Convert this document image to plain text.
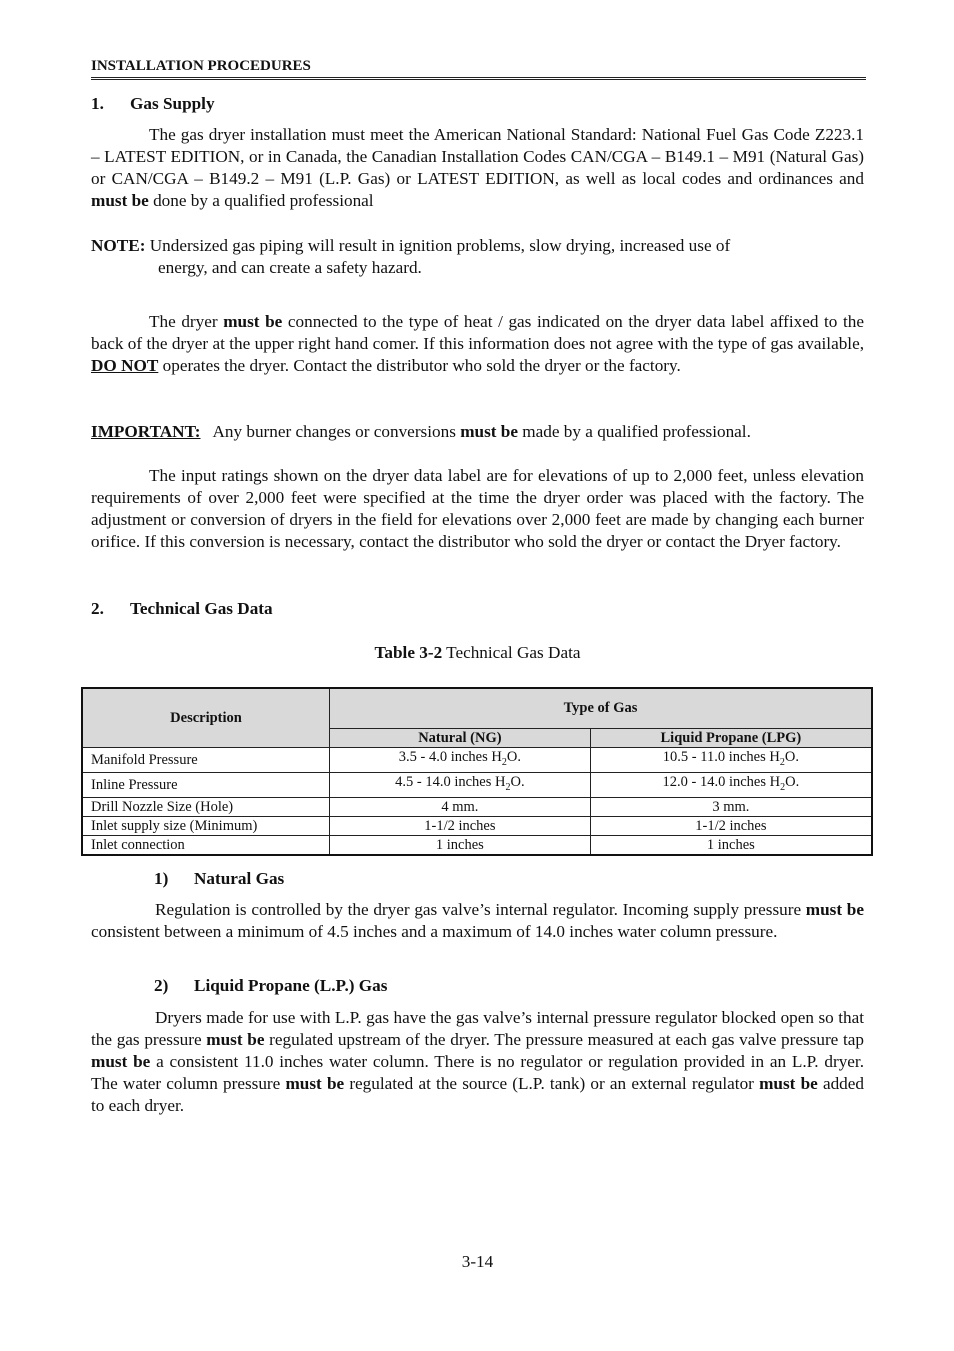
INSTALLATION PROCEDURES
1. Gas Supply
The gas dryer installation must meet the American National Standard: National Fuel Gas Code Z223.1 – LATEST EDITION, or in Canada, the Canadian Installation Codes CAN/CGA – B149.1 – M91 (Natural Gas) or CAN/CGA – B149.2 – M91 (L.P. Gas) or LATEST EDITION, as well as local codes and ordinances and must be done by a qualified professional
NOTE: Undersized gas piping will result in ignition problems, slow drying, increased use of
energy, and can create a safety hazard.
The dryer must be connected to the type of heat / gas indicated on the dryer data label affixed to the back of the dryer at the upper right hand comer. If this information does not agree with the type of gas available, DO NOT operates the dryer. Contact the distributor who sold the dryer or the factory.
IMPORTANT:   Any burner changes or conversions must be made by a qualified professional.
The input ratings shown on the dryer data label are for elevations of up to 2,000 feet, unless elevation requirements of over 2,000 feet were specified at the time the dryer order was placed with the factory. The adjustment or conversion of dryers in the field for elevations over 2,000 feet are made by changing each burner orifice. If this conversion is necessary, contact the distributor who sold the dryer or contact the Dryer factory.
2. Technical Gas Data
Table 3-2 Technical Gas Data
Description	Type of Gas	
	Natural (NG)	Liquid Propane (LPG)
Manifold Pressure	3.5 - 4.0 inches $H_2O$.	10.5 - 11.0 inches $H_2O$.
Inline Pressure	4.5 - 14.0 inches $H_2O$.	12.0 - 14.0 inches $H_2O$.
Drill Nozzle Size (Hole)	4 mm.	3 mm.
Inlet supply size (Minimum)	1-1/2 inches	1-1/2 inches
Inlet connection	1 inches	1 inches
1) Natural Gas
Regulation is controlled by the dryer gas valve’s internal regulator. Incoming supply pressure must be consistent between a minimum of 4.5 inches and a maximum of 14.0 inches water column pressure.
2) Liquid Propane (L.P.) Gas
Dryers made for use with L.P. gas have the gas valve’s internal pressure regulator blocked open so that the gas pressure must be regulated upstream of the dryer. The pressure measured at each gas valve pressure tap must be a consistent 11.0 inches water column. There is no regulator or regulation provided in an L.P. dryer. The water column pressure must be regulated at the source (L.P. tank) or an external regulator must be added to each dryer.
3-14
